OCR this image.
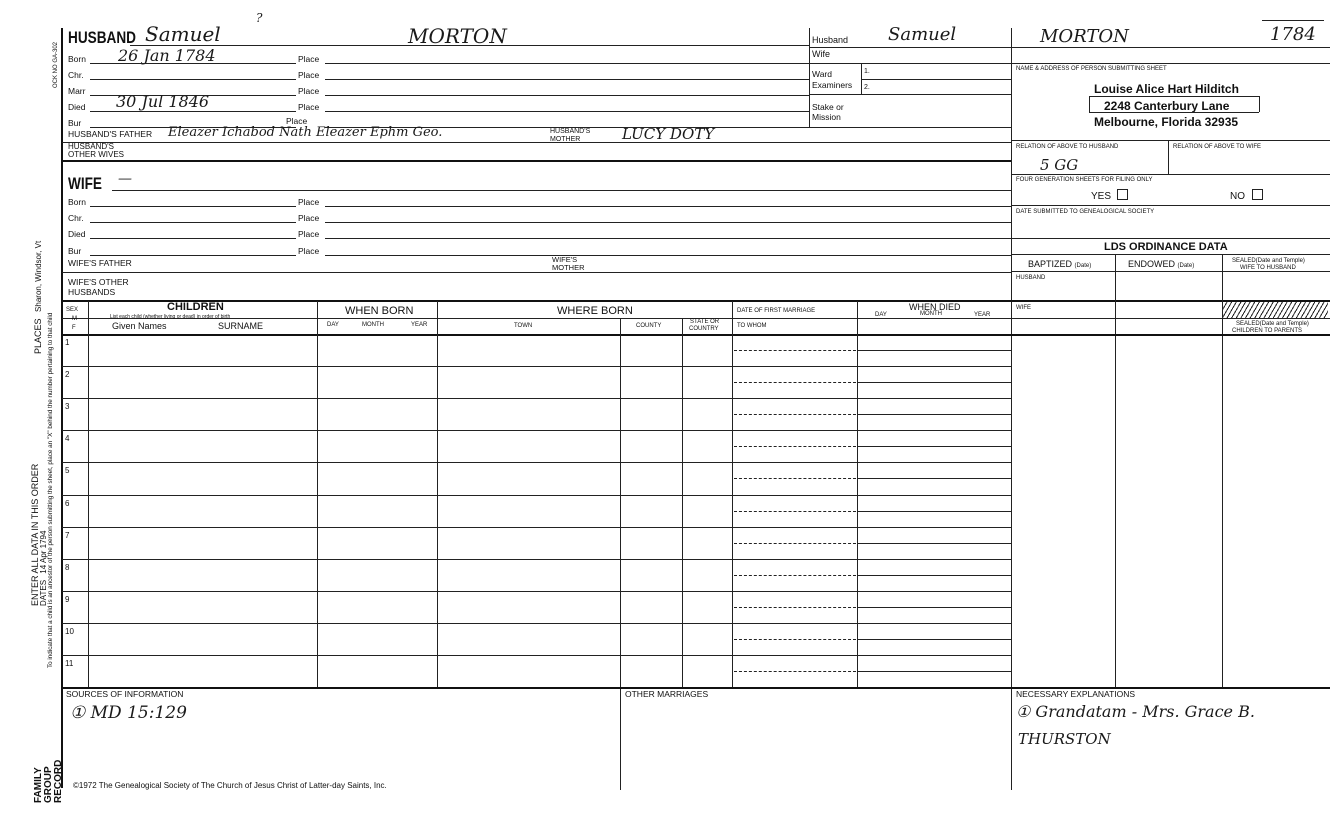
OCK NO GA-302
To indicate that a child is an ancestor of the person submitting the sheet, place an "X" behind the number pertaining to that child
PLACES Sharon, Windsor, Vt
ENTER ALL DATA IN THIS ORDER DATES 14 Apr 1794
FAMILY GROUP RECORD
HUSBAND Samuel
?
MORTON
Born 26 Jan 1784	Place
Chr.	Place
Marr	Place
Died 30 Jul 1846	Place
Bur	Place
HUSBAND'S FATHER Eleazer Ichabod Nath Eleazer Ephm Geo.	HUSBAND'S
MOTHER	LUCY DOTY
HUSBAND'S
OTHER WIVES
WIFE —
Born	Place
Chr.	Place
Died	Place
Bur	Place
WIFE'S FATHER	WIFE'S
MOTHER
WIFE'S OTHER
HUSBANDS
Husband Samuel	MORTON	1784
Wife
Ward
Examiners
1.
2.
Stake or
Mission
NAME & ADDRESS OF PERSON SUBMITTING SHEET
Louise Alice Hart Hilditch
2248 Canterbury Lane
Melbourne, Florida 32935
RELATION OF ABOVE TO HUSBAND	RELATION OF ABOVE TO WIFE
5 GG
FOUR GENERATION SHEETS FOR FILING ONLY
YES	NO
DATE SUBMITTED TO GENEALOGICAL SOCIETY
LDS ORDINANCE DATA
BAPTIZED (Date)	ENDOWED (Date)
SEALED(Date and Temple)
WIFE TO HUSBAND
HUSBAND
WIFE
SEALED(Date and Temple)
CHILDREN TO PARENTS
SEX
M
F
CHILDREN
List each child (whether living or dead) in order of birth
Given Names	SURNAME
WHEN BORN
DAY	MONTH	YEAR
WHERE BORN
TOWN	COUNTY
STATE OR
COUNTRY
DATE OF FIRST MARRIAGE
TO WHOM
WHEN DIED
DAY	MONTH	YEAR
1
2
3
4
5
6
7
8
9
10
11
SOURCES OF INFORMATION
① MD 15:129
OTHER MARRIAGES	NECESSARY EXPLANATIONS
① Grandatam - Mrs. Grace B.
THURSTON
©1972 The Genealogical Society of The Church of Jesus Christ of Latter-day Saints, Inc.
